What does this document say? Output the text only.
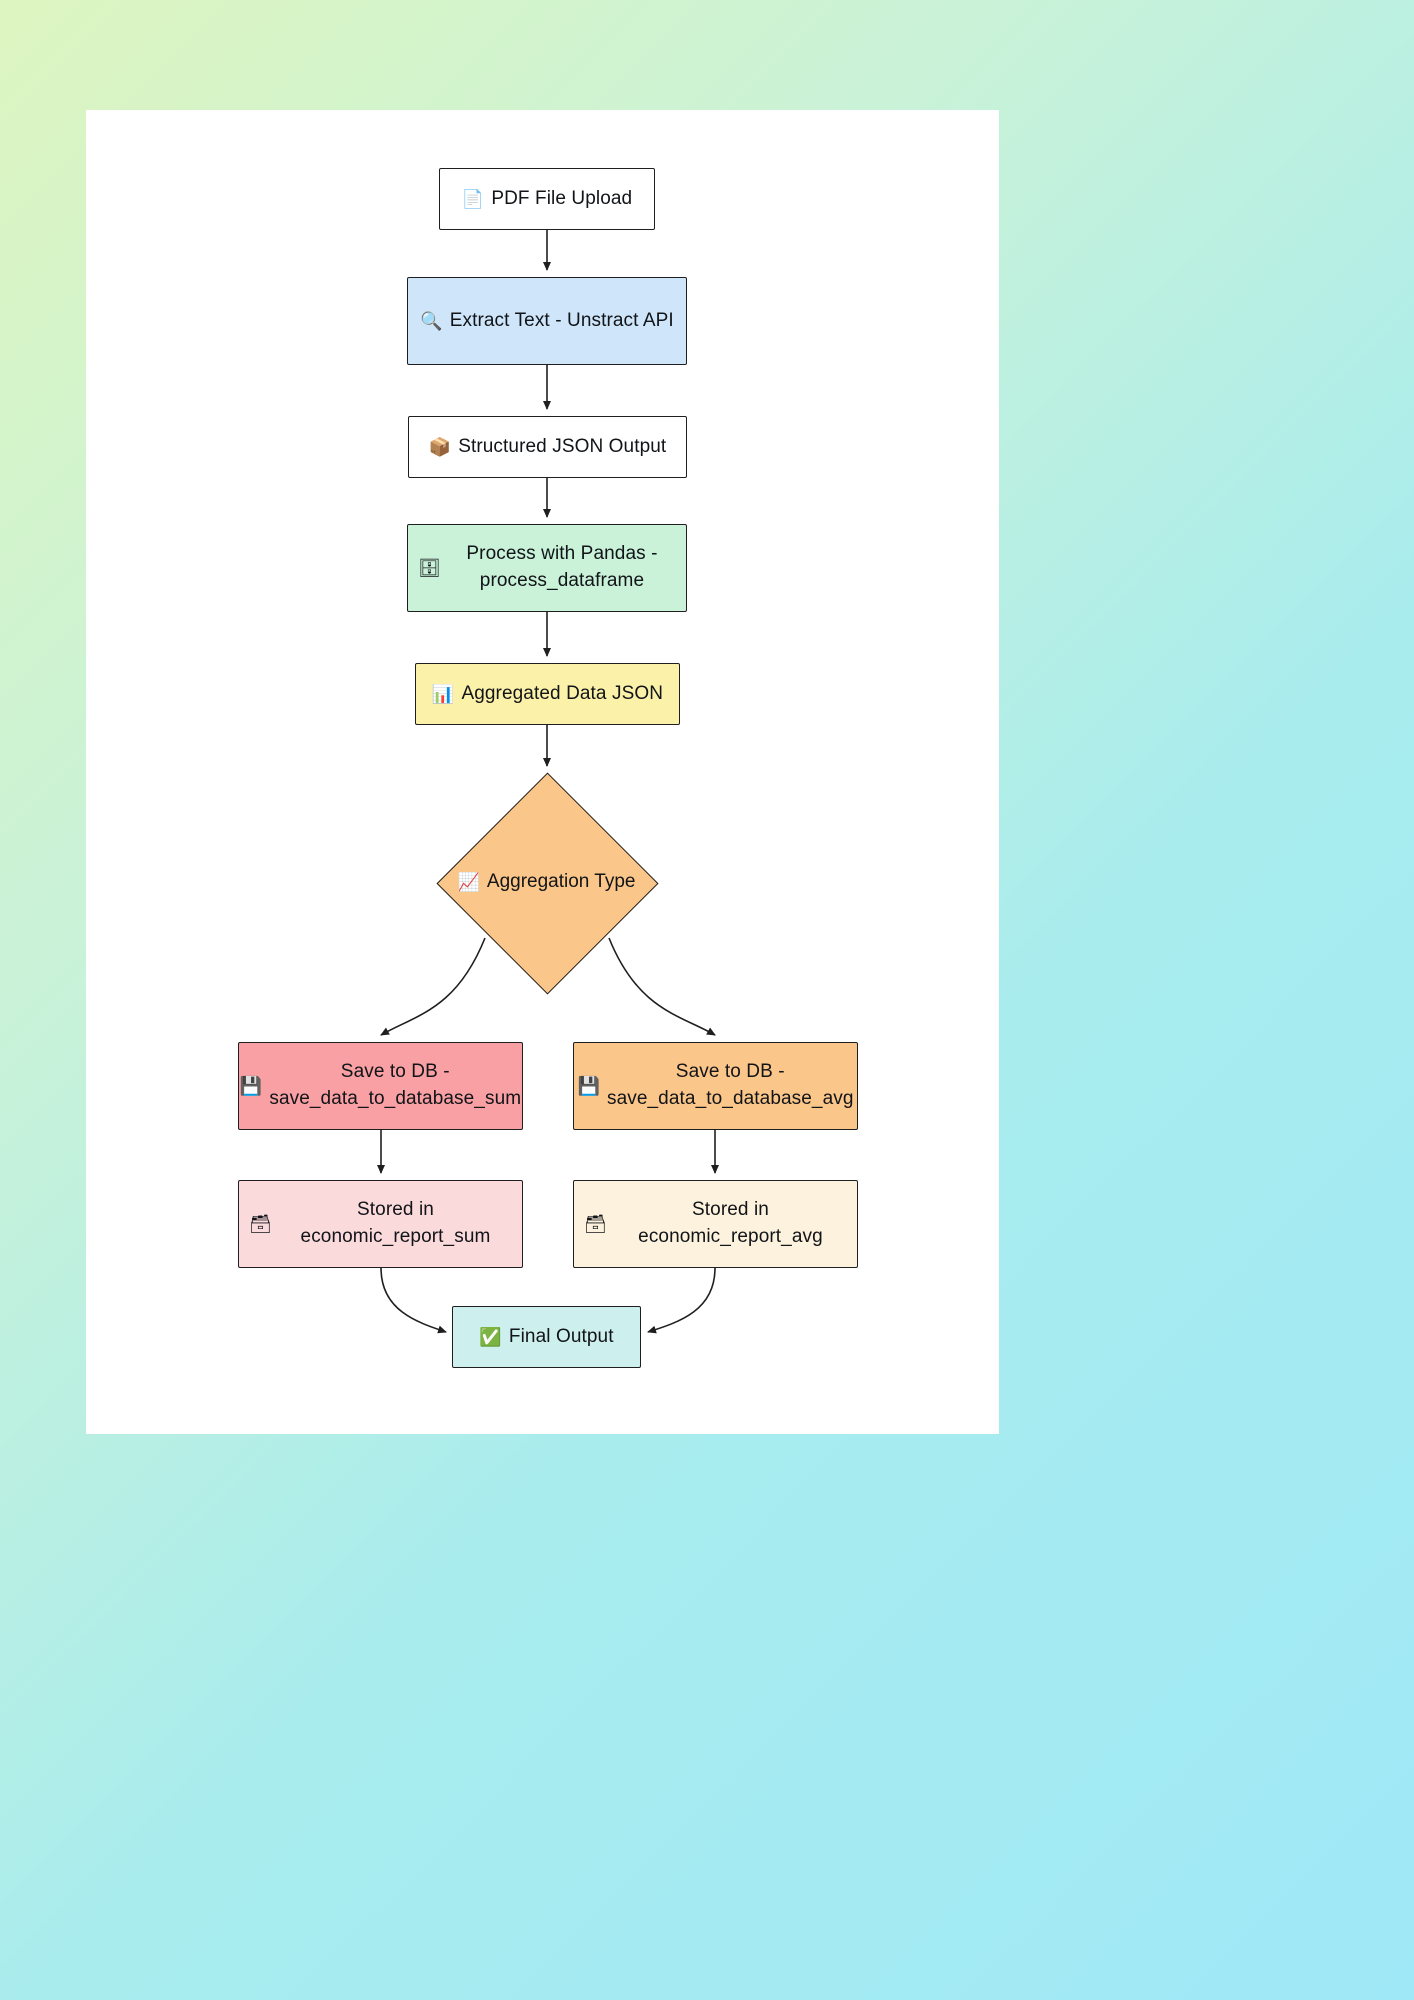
📄 PDF File Upload
🔍 Extract Text - Unstract API
📦 Structured JSON Output
🗄
Process with Pandas - process_dataframe
📊 Aggregated Data JSON
📈 Aggregation Type
💾
Save to DB - save_data_to_database_sum
💾
Save to DB - save_data_to_database_avg
🗃
Stored in economic_report_sum
🗃
Stored in economic_report_avg
✅ Final Output
